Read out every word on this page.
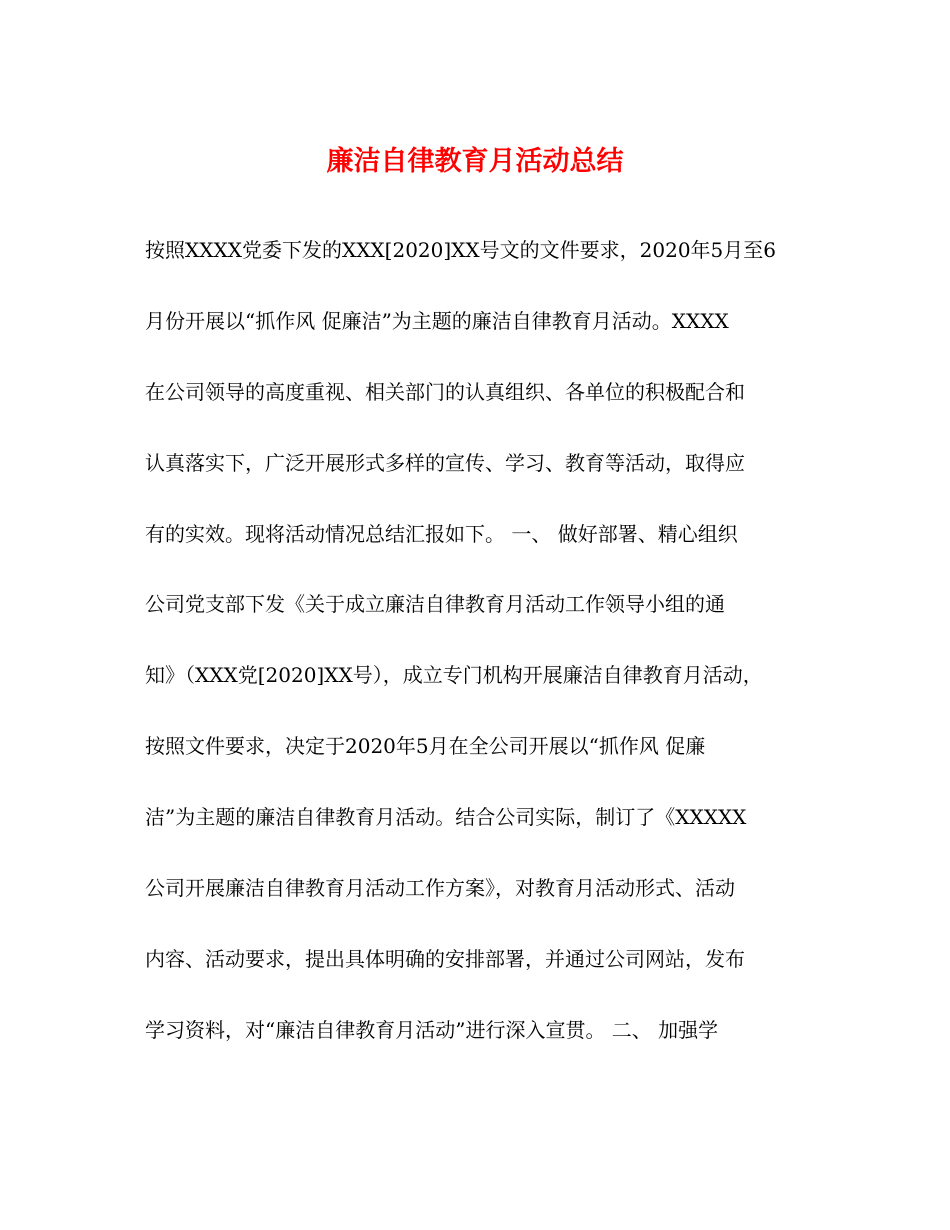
廉洁自律教育月活动总结
按照XXXX党委下发的XXX[2020]XX号文的文件要求，2020年5月至6
月份开展以“抓作风 促廉洁”为主题的廉洁自律教育月活动。XXXX
在公司领导的高度重视、相关部门的认真组织、各单位的积极配合和
认真落实下，广泛开展形式多样的宣传、学习、教育等活动，取得应
有的实效。现将活动情况总结汇报如下。 一、 做好部署、精心组织
公司党支部下发《关于成立廉洁自律教育月活动工作领导小组的通
知》（XXX党[2020]XX号），成立专门机构开展廉洁自律教育月活动，
按照文件要求，决定于2020年5月在全公司开展以“抓作风 促廉
洁”为主题的廉洁自律教育月活动。结合公司实际，制订了《XXXXX
公司开展廉洁自律教育月活动工作方案》，对教育月活动形式、活动
内容、活动要求，提出具体明确的安排部署，并通过公司网站，发布
学习资料，对“廉洁自律教育月活动”进行深入宣贯。 二、 加强学
